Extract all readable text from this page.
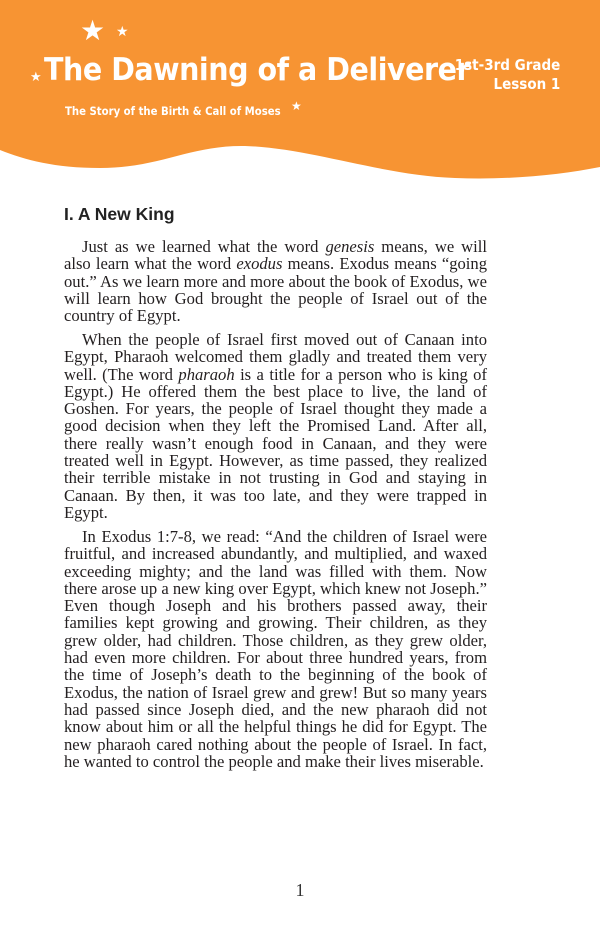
★ ★
★
★
The Dawning of a Deliverer
The Story of the Birth & Call of Moses
1st-3rd Grade
Lesson 1
I. A New King

Just as we learned what the word genesis means, we will also learn what the word exodus means. Exodus means “going out.” As we learn more and more about the book of Exodus, we will learn how God brought the people of Israel out of the country of Egypt.

When the people of Israel first moved out of Canaan into Egypt, Pharaoh welcomed them gladly and treated them very well. (The word pharaoh is a title for a person who is king of Egypt.) He offered them the best place to live, the land of Goshen. For years, the people of Israel thought they made a good decision when they left the Promised Land. After all, there really wasn’t enough food in Canaan, and they were treated well in Egypt. However, as time passed, they realized their terrible mistake in not trusting in God and staying in Canaan. By then, it was too late, and they were trapped in Egypt.

In Exodus 1:7-8, we read: “And the children of Israel were fruitful, and increased abundantly, and multiplied, and waxed exceeding mighty; and the land was filled with them. Now there arose up a new king over Egypt, which knew not Joseph.” Even though Joseph and his brothers passed away, their families kept growing and growing. Their children, as they grew older, had children. Those children, as they grew older, had even more children. For about three hundred years, from the time of Joseph’s death to the beginning of the book of Exodus, the nation of Israel grew and grew! But so many years had passed since Joseph died, and the new pharaoh did not know about him or all the helpful things he did for Egypt. The new pharaoh cared nothing about the people of Israel. In fact, he wanted to control the people and make their lives miserable.

1
